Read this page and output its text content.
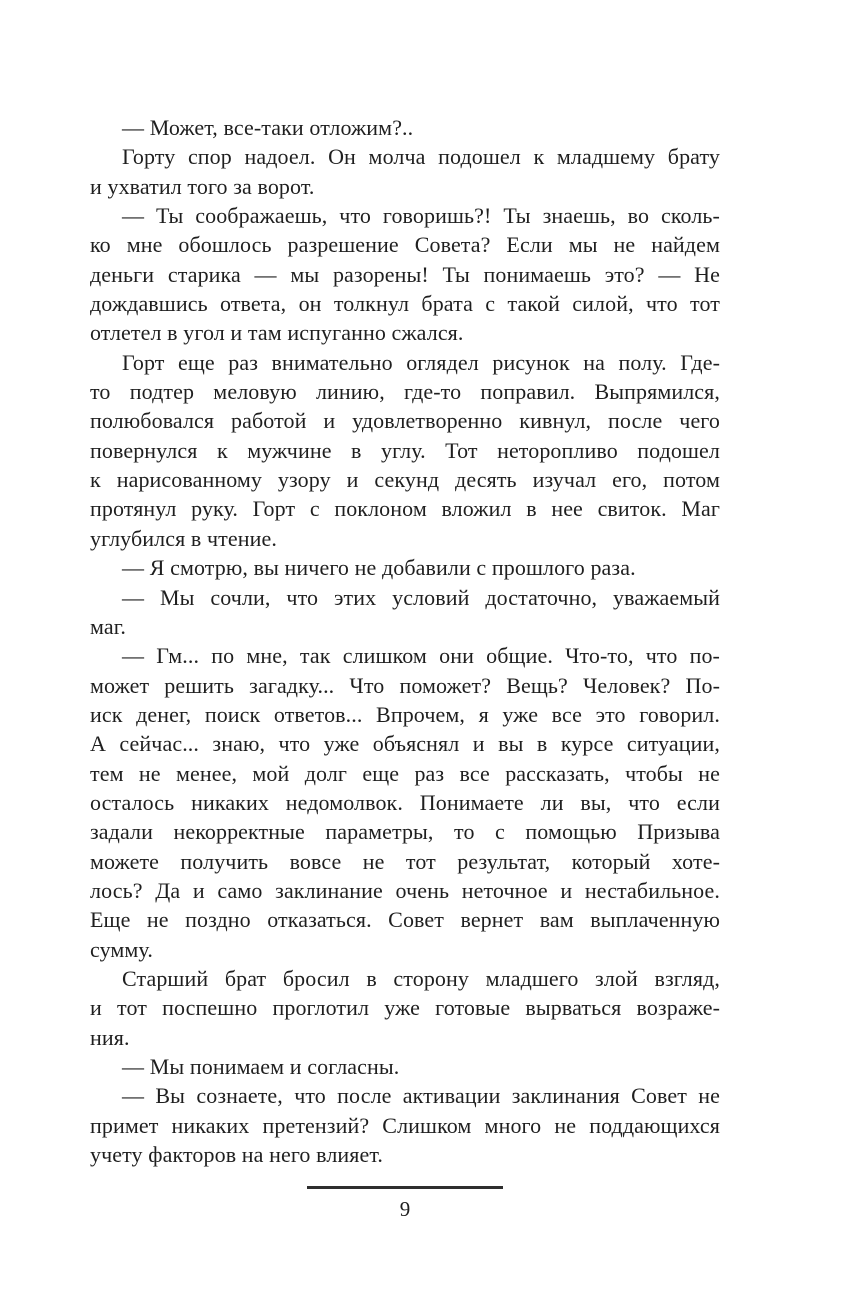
— Может, все-таки отложим?..
Горту спор надоел. Он молча подошел к младшему брату
и ухватил того за ворот.
— Ты соображаешь, что говоришь?! Ты знаешь, во сколь-
ко мне обошлось разрешение Совета? Если мы не найдем
деньги старика — мы разорены! Ты понимаешь это? — Не
дождавшись ответа, он толкнул брата с такой силой, что тот
отлетел в угол и там испуганно сжался.
Горт еще раз внимательно оглядел рисунок на полу. Где-
то подтер меловую линию, где-то поправил. Выпрямился,
полюбовался работой и удовлетворенно кивнул, после чего
повернулся к мужчине в углу. Тот неторопливо подошел
к нарисованному узору и секунд десять изучал его, потом
протянул руку. Горт с поклоном вложил в нее свиток. Маг
углубился в чтение.
— Я смотрю, вы ничего не добавили с прошлого раза.
— Мы сочли, что этих условий достаточно, уважаемый
маг.
— Гм... по мне, так слишком они общие. Что-то, что по-
может решить загадку... Что поможет? Вещь? Человек? По-
иск денег, поиск ответов... Впрочем, я уже все это говорил.
А сейчас... знаю, что уже объяснял и вы в курсе ситуации,
тем не менее, мой долг еще раз все рассказать, чтобы не
осталось никаких недомолвок. Понимаете ли вы, что если
задали некорректные параметры, то с помощью Призыва
можете получить вовсе не тот результат, который хоте-
лось? Да и само заклинание очень неточное и нестабильное.
Еще не поздно отказаться. Совет вернет вам выплаченную
сумму.
Старший брат бросил в сторону младшего злой взгляд,
и тот поспешно проглотил уже готовые вырваться возраже-
ния.
— Мы понимаем и согласны.
— Вы сознаете, что после активации заклинания Совет не
примет никаких претензий? Слишком много не поддающихся
учету факторов на него влияет.
9
